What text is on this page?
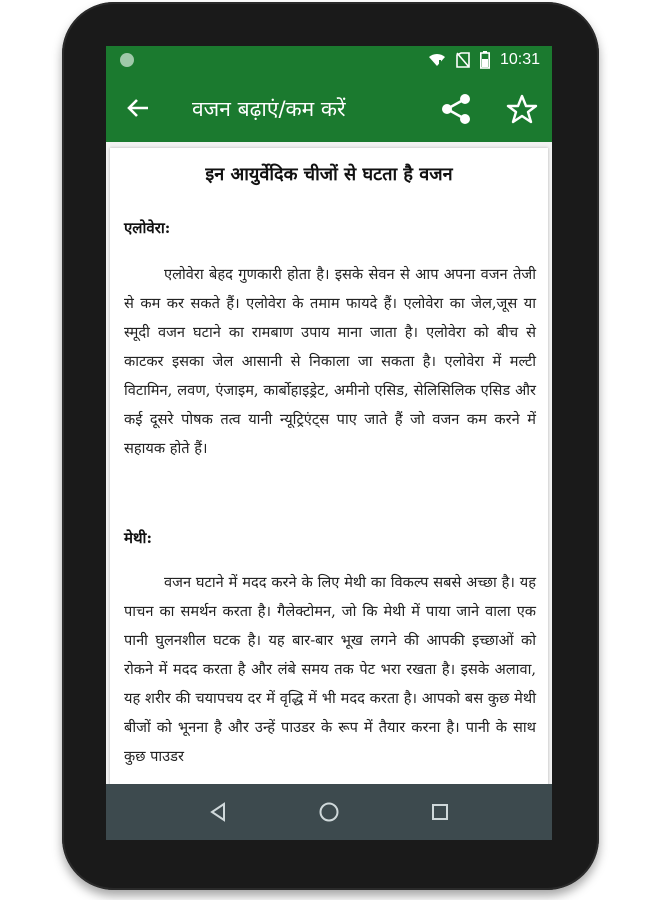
10:31
वजन बढ़ाएं/कम करें
इन आयुर्वेदिक चीजों से घटता है वजन
एलोवेरा:
एलोवेरा बेहद गुणकारी होता है। इसके सेवन से आप अपना वजन तेजी से कम कर सकते हैं। एलोवेरा के तमाम फायदे हैं। एलोवेरा का जेल,जूस या स्मूदी वजन घटाने का रामबाण उपाय माना जाता है। एलोवेरा को बीच से काटकर इसका जेल आसानी से निकाला जा सकता है। एलोवेरा में मल्टी विटामिन, लवण, एंजाइम, कार्बोहाइड्रेट, अमीनो एसिड, सेलिसिलिक एसिड और कई दूसरे पोषक तत्व यानी न्यूट्रिएंट्स पाए जाते हैं जो वजन कम करने में सहायक होते हैं।
मेथी:
वजन घटाने में मदद करने के लिए मेथी का विकल्प सबसे अच्छा है। यह पाचन का समर्थन करता है। गैलेक्टोमन, जो कि मेथी में पाया जाने वाला एक पानी घुलनशील घटक है। यह बार-बार भूख लगने की आपकी इच्छाओं को रोकने में मदद करता है और लंबे समय तक पेट भरा रखता है। इसके अलावा, यह शरीर की चयापचय दर में वृद्धि में भी मदद करता है। आपको बस कुछ मेथी बीजों को भूनना है और उन्हें पाउडर के रूप में तैयार करना है। पानी के साथ कुछ पाउडर
